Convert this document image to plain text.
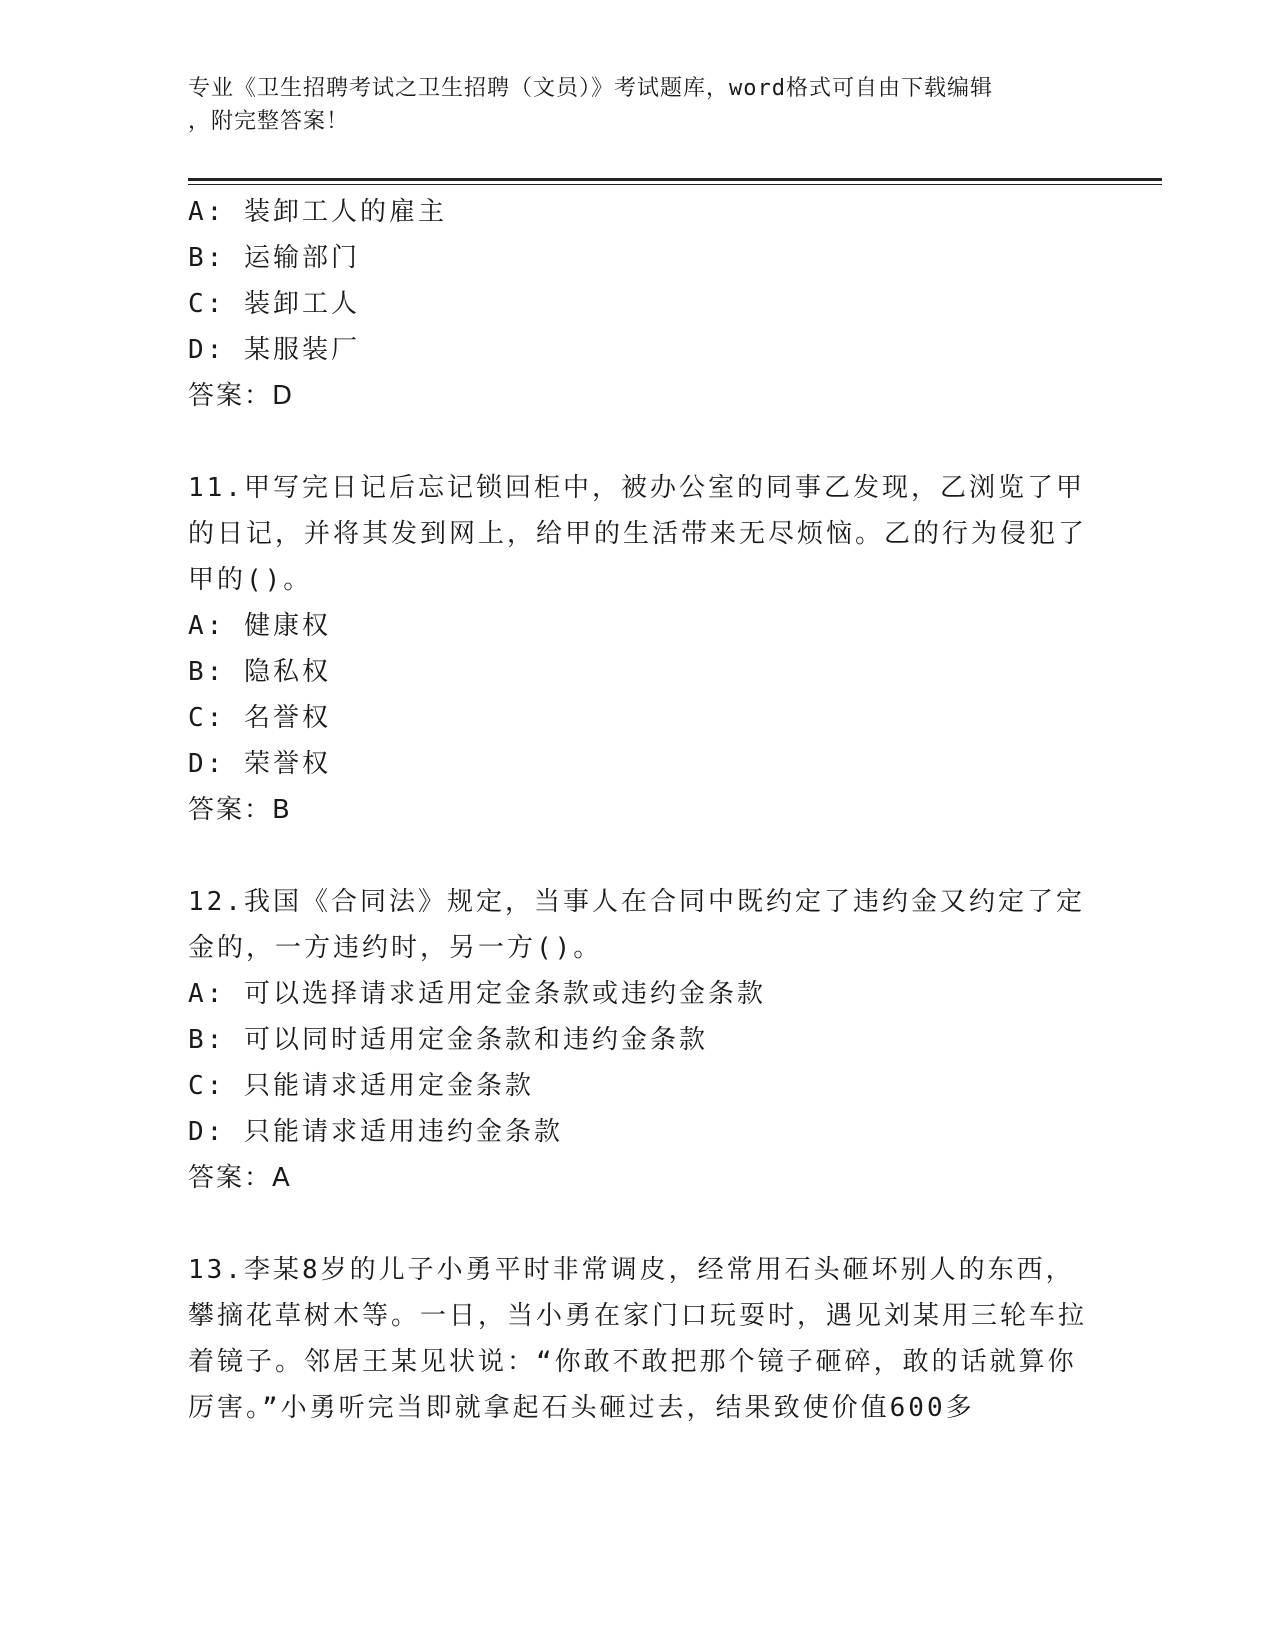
专业《卫生招聘考试之卫生招聘（文员）》考试题库，word格式可自由下载编辑
，附完整答案！
A: 装卸工人的雇主
B: 运输部门
C: 装卸工人
D: 某服装厂
答案：D
11.甲写完日记后忘记锁回柜中，被办公室的同事乙发现，乙浏览了甲的日记，并将其发到网上，给甲的生活带来无尽烦恼。乙的行为侵犯了甲的()。
A: 健康权
B: 隐私权
C: 名誉权
D: 荣誉权
答案：B
12.我国《合同法》规定，当事人在合同中既约定了违约金又约定了定金的，一方违约时，另一方()。
A: 可以选择请求适用定金条款或违约金条款
B: 可以同时适用定金条款和违约金条款
C: 只能请求适用定金条款
D: 只能请求适用违约金条款
答案：A
13.李某8岁的儿子小勇平时非常调皮，经常用石头砸坏别人的东西，攀摘花草树木等。一日，当小勇在家门口玩耍时，遇见刘某用三轮车拉着镜子。邻居王某见状说：“你敢不敢把那个镜子砸碎，敢的话就算你厉害。”小勇听完当即就拿起石头砸过去，结果致使价值600多
